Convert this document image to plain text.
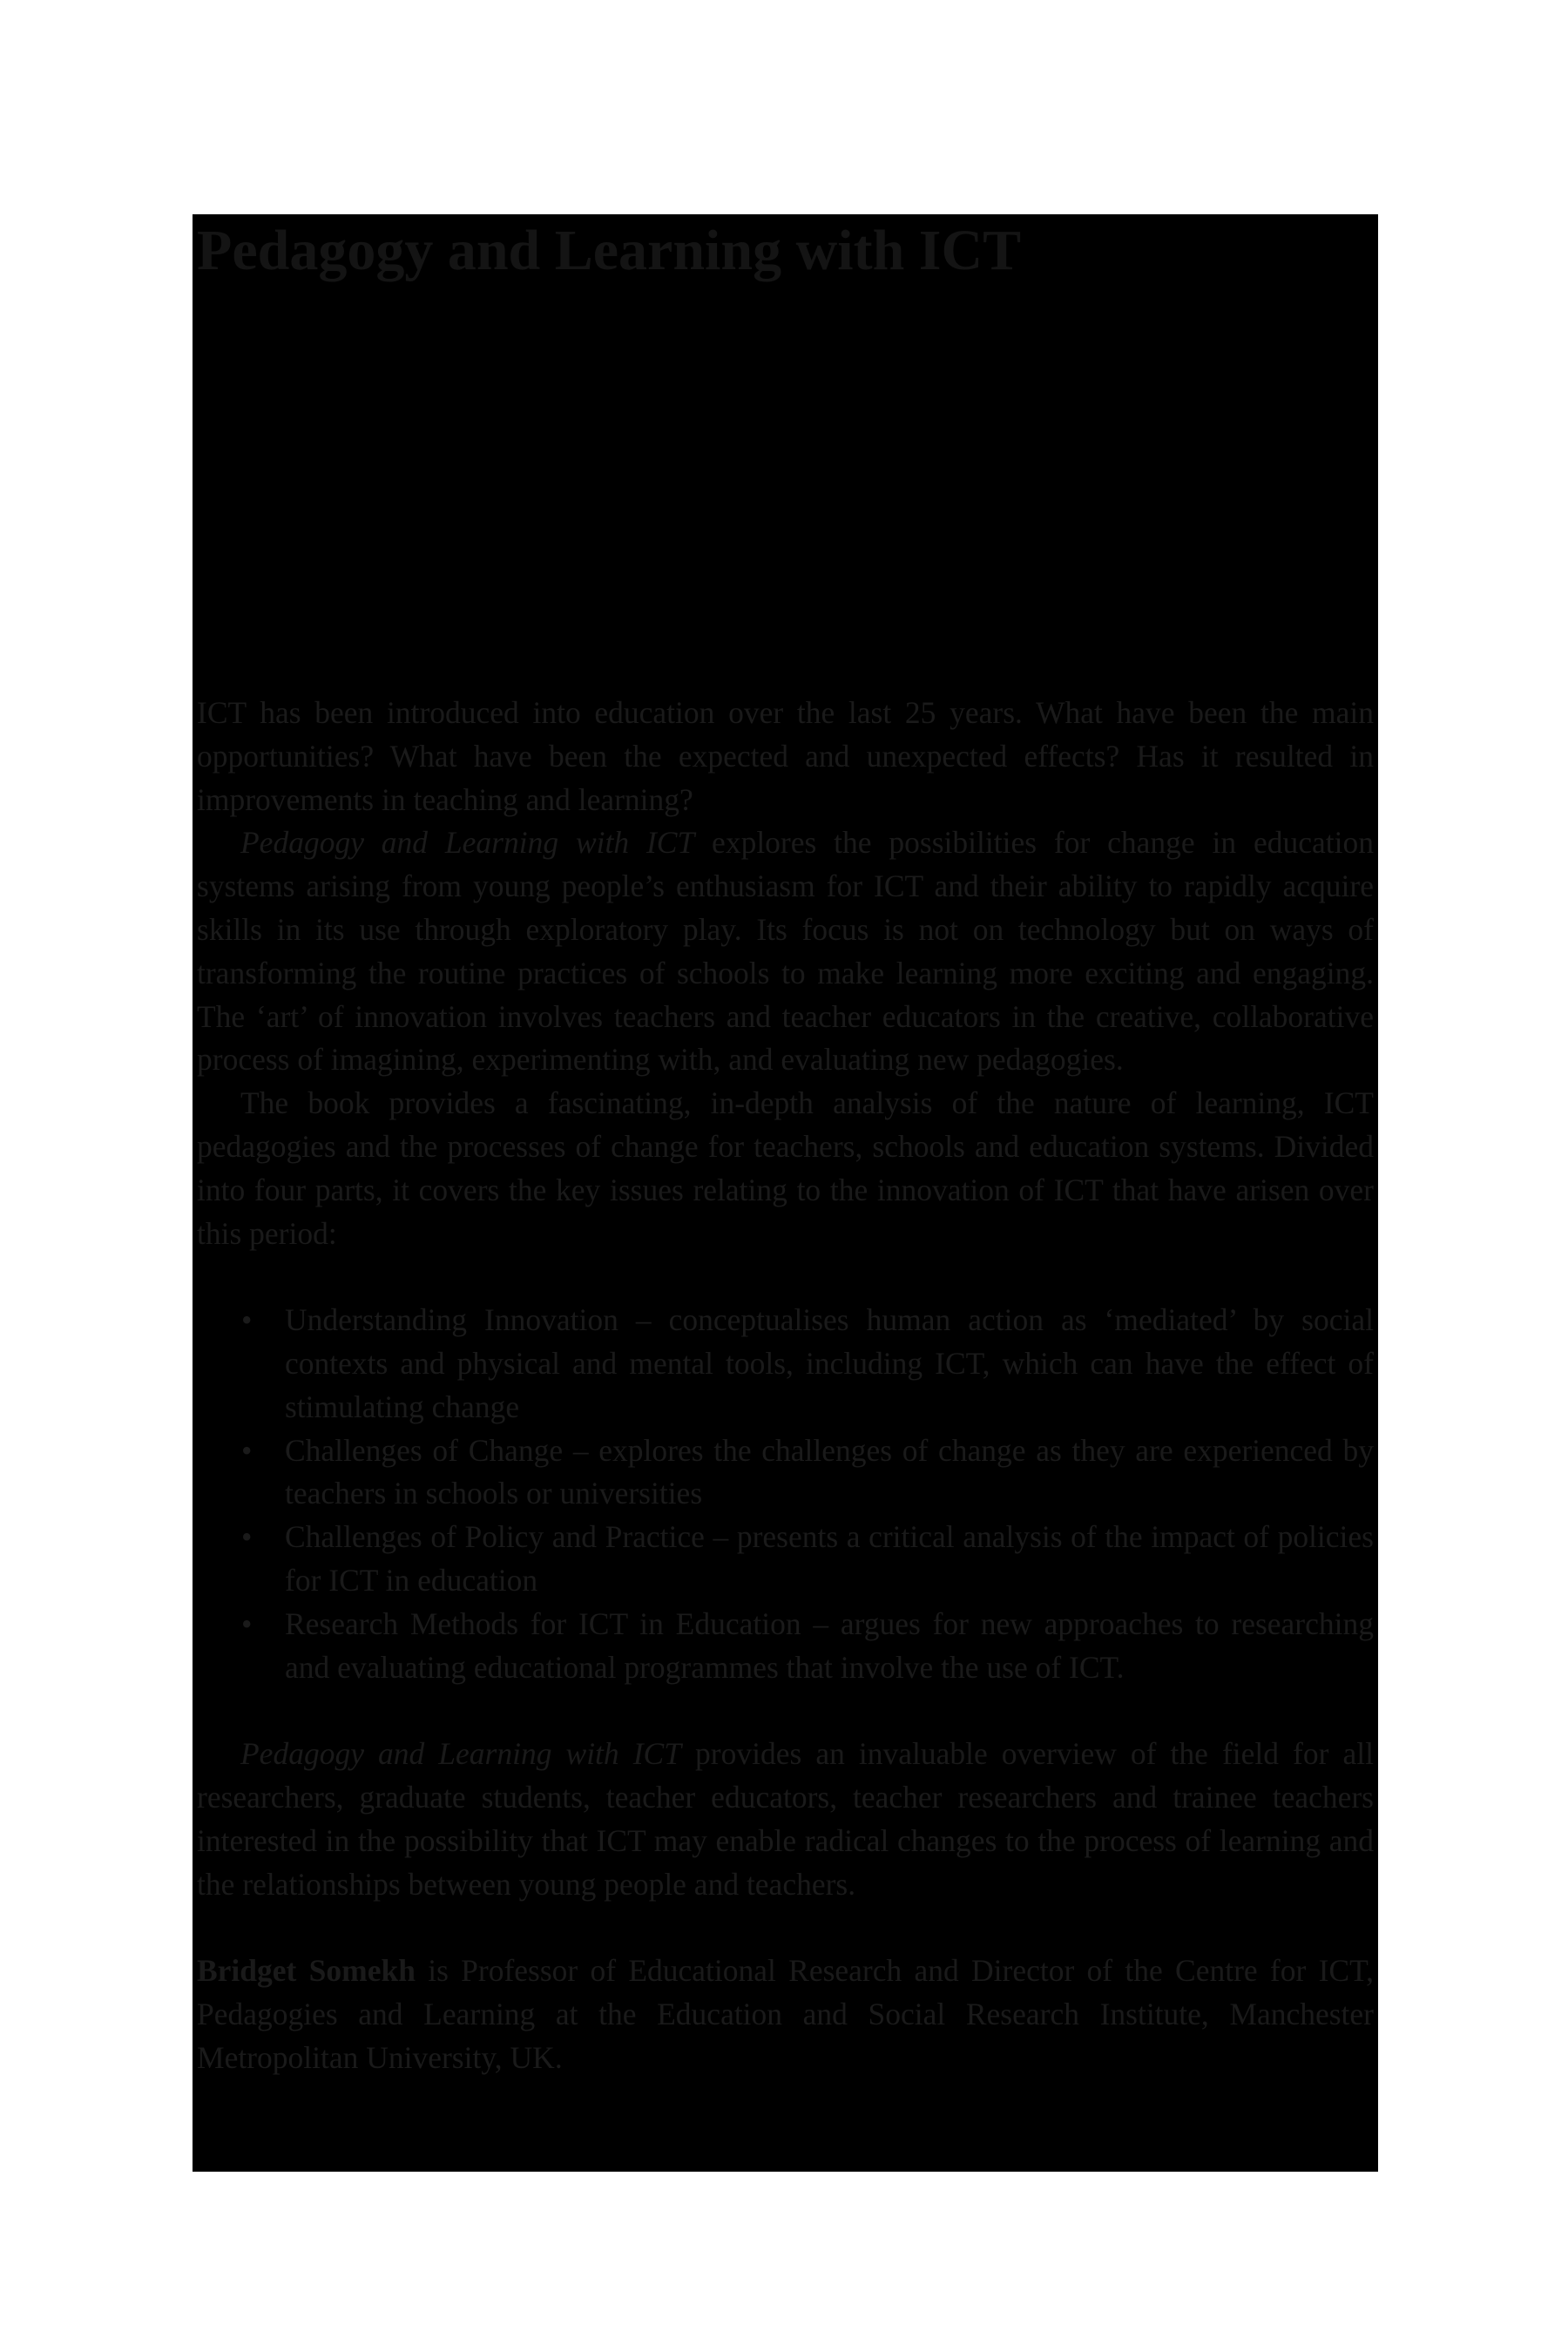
Pedagogy and Learning with ICT

ICT has been introduced into education over the last 25 years. What have been the main opportunities? What have been the expected and unexpected effects? Has it resulted in improvements in teaching and learning?

Pedagogy and Learning with ICT explores the possibilities for change in education systems arising from young people’s enthusiasm for ICT and their ability to rapidly acquire skills in its use through exploratory play. Its focus is not on technology but on ways of transforming the routine practices of schools to make learning more exciting and engaging. The ‘art’ of innovation involves teachers and teacher educators in the creative, collaborative process of imagining, experimenting with, and evaluating new pedagogies.

The book provides a fascinating, in-depth analysis of the nature of learning, ICT pedagogies and the processes of change for teachers, schools and education systems. Divided into four parts, it covers the key issues relating to the innovation of ICT that have arisen over this period:

• Understanding Innovation – conceptualises human action as ‘mediated’ by social contexts and physical and mental tools, including ICT, which can have the effect of stimulating change
• Challenges of Change – explores the challenges of change as they are experienced by teachers in schools or universities
• Challenges of Policy and Practice – presents a critical analysis of the impact of policies for ICT in education
• Research Methods for ICT in Education – argues for new approaches to researching and evaluating educational programmes that involve the use of ICT.

Pedagogy and Learning with ICT provides an invaluable overview of the field for all researchers, graduate students, teacher educators, teacher researchers and trainee teachers interested in the possibility that ICT may enable radical changes to the process of learning and the relationships between young people and teachers.

Bridget Somekh is Professor of Educational Research and Director of the Centre for ICT, Pedagogies and Learning at the Education and Social Research Institute, Manchester Metropolitan University, UK.
